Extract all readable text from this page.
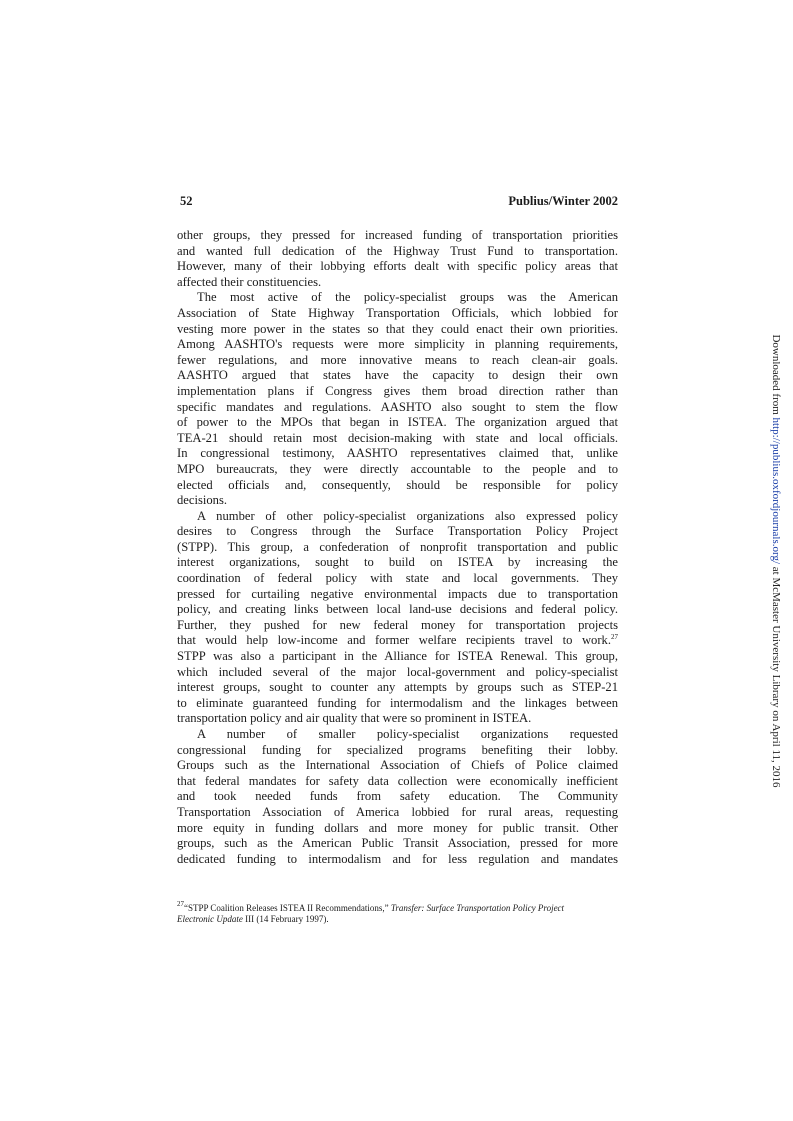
52	Publius/Winter 2002
other groups, they pressed for increased funding of transportation priorities
and wanted full dedication of the Highway Trust Fund to transportation.
However, many of their lobbying efforts dealt with specific policy areas that
affected their constituencies.
The most active of the policy-specialist groups was the American
Association of State Highway Transportation Officials, which lobbied for
vesting more power in the states so that they could enact their own priorities.
Among AASHTO's requests were more simplicity in planning requirements,
fewer regulations, and more innovative means to reach clean-air goals.
AASHTO argued that states have the capacity to design their own
implementation plans if Congress gives them broad direction rather than
specific mandates and regulations. AASHTO also sought to stem the flow
of power to the MPOs that began in ISTEA. The organization argued that
TEA-21 should retain most decision-making with state and local officials.
In congressional testimony, AASHTO representatives claimed that, unlike
MPO bureaucrats, they were directly accountable to the people and to
elected officials and, consequently, should be responsible for policy
decisions.
A number of other policy-specialist organizations also expressed policy
desires to Congress through the Surface Transportation Policy Project
(STPP). This group, a confederation of nonprofit transportation and public
interest organizations, sought to build on ISTEA by increasing the
coordination of federal policy with state and local governments. They
pressed for curtailing negative environmental impacts due to transportation
policy, and creating links between local land-use decisions and federal policy.
Further, they pushed for new federal money for transportation projects
that would help low-income and former welfare recipients travel to work.$^{27}$
STPP was also a participant in the Alliance for ISTEA Renewal. This group,
which included several of the major local-government and policy-specialist
interest groups, sought to counter any attempts by groups such as STEP-21
to eliminate guaranteed funding for intermodalism and the linkages between
transportation policy and air quality that were so prominent in ISTEA.
A number of smaller policy-specialist organizations requested
congressional funding for specialized programs benefiting their lobby.
Groups such as the International Association of Chiefs of Police claimed
that federal mandates for safety data collection were economically inefficient
and took needed funds from safety education. The Community
Transportation Association of America lobbied for rural areas, requesting
more equity in funding dollars and more money for public transit. Other
groups, such as the American Public Transit Association, pressed for more
dedicated funding to intermodalism and for less regulation and mandates
$^{27}$“STPP Coalition Releases ISTEA II Recommendations,” Transfer: Surface Transportation Policy Project
Electronic Update III (14 February 1997).
Downloaded from http://publius.oxfordjournals.org/ at McMaster University Library on April 11, 2016
